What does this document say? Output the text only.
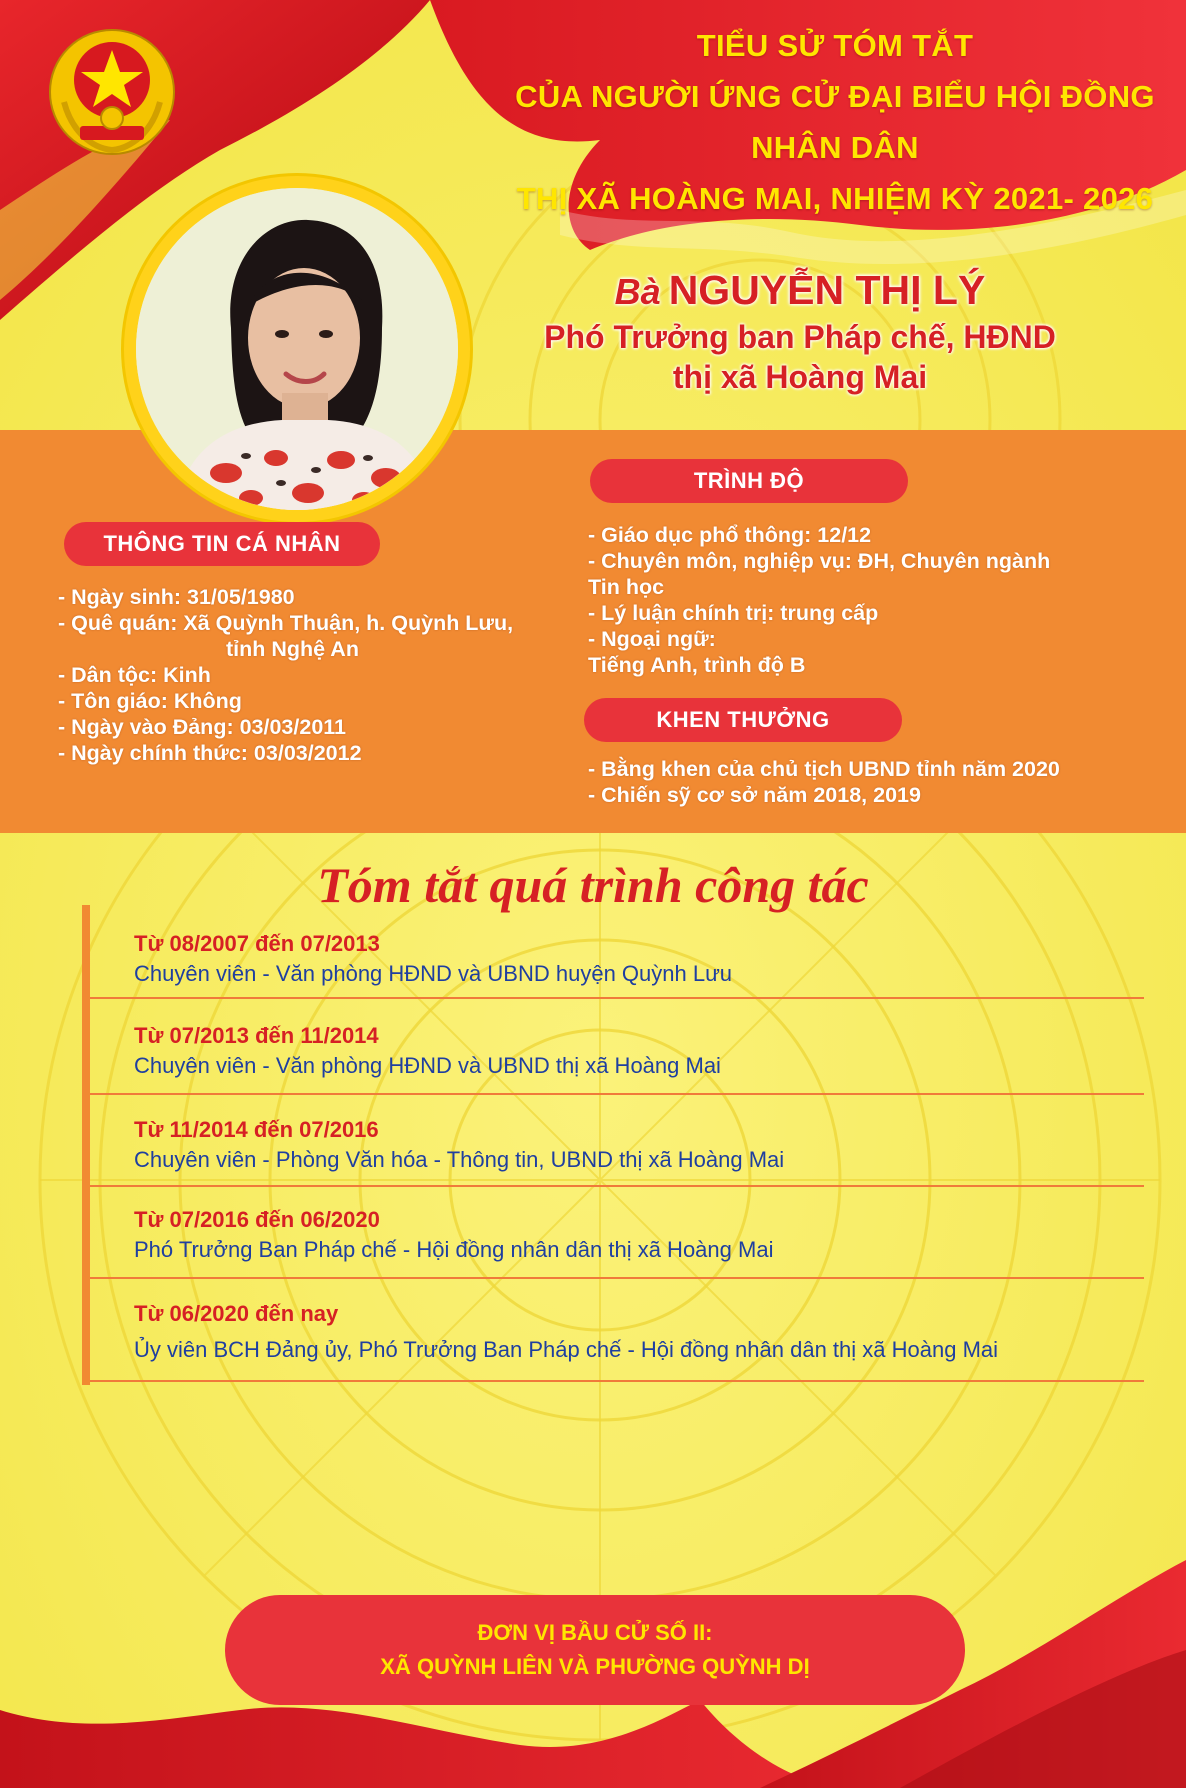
TIỂU SỬ TÓM TẮT
CỦA NGƯỜI ỨNG CỬ ĐẠI BIỂU HỘI ĐỒNG NHÂN DÂN
THỊ XÃ HOÀNG MAI, NHIỆM KỲ 2021- 2026
Bà NGUYỄN THỊ LÝ
Phó Trưởng ban Pháp chế, HĐND
thị xã Hoàng Mai
THÔNG TIN CÁ NHÂN
- Ngày sinh: 31/05/1980
- Quê quán: Xã Quỳnh Thuận, h. Quỳnh Lưu,
tỉnh Nghệ An
- Dân tộc: Kinh
- Tôn giáo: Không
- Ngày vào Đảng: 03/03/2011
- Ngày chính thức: 03/03/2012
TRÌNH ĐỘ
- Giáo dục phổ thông: 12/12
- Chuyên môn, nghiệp vụ: ĐH, Chuyên ngành
Tin học
- Lý luận chính trị: trung cấp
- Ngoại ngữ:
Tiếng Anh, trình độ B
KHEN THƯỞNG
- Bằng khen của chủ tịch UBND tỉnh năm 2020
- Chiến sỹ cơ sở năm 2018, 2019
Tóm tắt quá trình công tác
Từ 08/2007 đến 07/2013
Chuyên viên - Văn phòng HĐND và UBND huyện Quỳnh Lưu
Từ 07/2013 đến 11/2014
Chuyên viên - Văn phòng HĐND và UBND thị xã Hoàng Mai
Từ 11/2014 đến 07/2016
Chuyên viên - Phòng Văn hóa - Thông tin, UBND thị xã Hoàng Mai
Từ 07/2016 đến 06/2020
Phó Trưởng Ban Pháp chế - Hội đồng nhân dân thị xã Hoàng Mai
Từ 06/2020 đến nay
Ủy viên BCH Đảng ủy, Phó Trưởng Ban Pháp chế - Hội đồng nhân dân thị xã Hoàng Mai
ĐƠN VỊ BẦU CỬ SỐ II:
XÃ QUỲNH LIÊN VÀ PHƯỜNG QUỲNH DỊ
